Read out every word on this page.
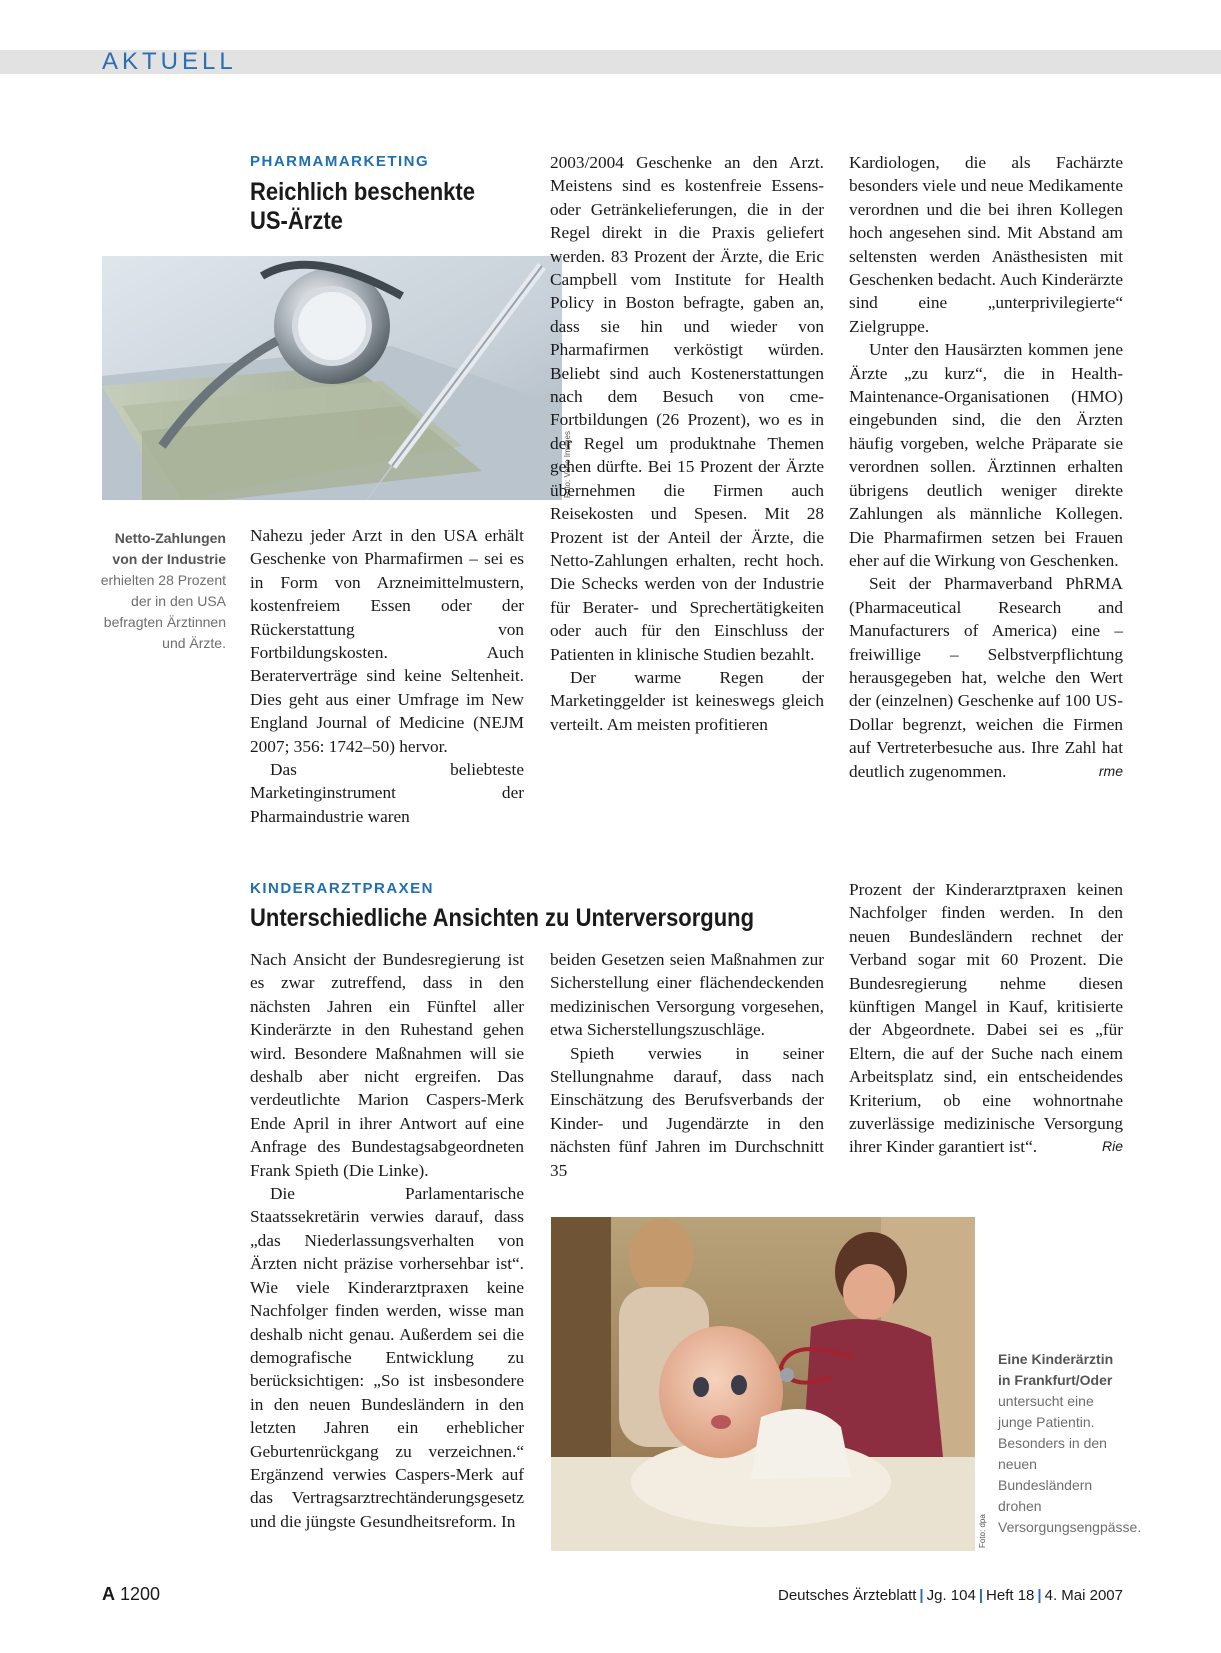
AKTUELL
PHARMAMARKETING
Reichlich beschenkte
US-Ärzte
Foto: Vario Images
Netto-Zahlungen
von der Industrie
erhielten 28 Prozent der in den USA befragten Ärztinnen und Ärzte.

Nahezu jeder Arzt in den USA erhält Geschenke von Pharmafirmen – sei es in Form von Arzneimittelmustern, kostenfreiem Essen oder der Rückerstattung von Fortbildungskosten. Auch Beraterverträge sind keine Seltenheit. Dies geht aus einer Umfrage im New England Journal of Medicine (NEJM 2007; 356: 1742–50) hervor.

Das beliebteste Marketinginstrument der Pharmaindustrie waren

2003/2004 Geschenke an den Arzt. Meistens sind es kostenfreie Essens- oder Getränkelieferungen, die in der Regel direkt in die Praxis geliefert werden. 83 Prozent der Ärzte, die Eric Campbell vom Institute for Health Policy in Boston befragte, gaben an, dass sie hin und wieder von Pharmafirmen verköstigt würden. Beliebt sind auch Kostenerstattungen nach dem Besuch von cme-Fortbildungen (26 Prozent), wo es in der Regel um produktnahe Themen gehen dürfte. Bei 15 Prozent der Ärzte übernehmen die Firmen auch Reisekosten und Spesen. Mit 28 Prozent ist der Anteil der Ärzte, die Netto-Zahlungen erhalten, recht hoch. Die Schecks werden von der Industrie für Berater- und Sprechertätigkeiten oder auch für den Einschluss der Patienten in klinische Studien bezahlt.

Der warme Regen der Marketinggelder ist keineswegs gleich verteilt. Am meisten profitieren

Kardiologen, die als Fachärzte besonders viele und neue Medikamente verordnen und die bei ihren Kollegen hoch angesehen sind. Mit Abstand am seltensten werden Anästhesisten mit Geschenken bedacht. Auch Kinderärzte sind eine „unterprivilegierte“ Zielgruppe.

Unter den Hausärzten kommen jene Ärzte „zu kurz“, die in Health-Maintenance-Organisationen (HMO) eingebunden sind, die den Ärzten häufig vorgeben, welche Präparate sie verordnen sollen. Ärztinnen erhalten übrigens deutlich weniger direkte Zahlungen als männliche Kollegen. Die Pharmafirmen setzen bei Frauen eher auf die Wirkung von Geschenken.

Seit der Pharmaverband PhRMA (Pharmaceutical Research and Manufacturers of America) eine – freiwillige – Selbstverpflichtung herausgegeben hat, welche den Wert der (einzelnen) Geschenke auf 100 US-Dollar begrenzt, weichen die Firmen auf Vertreterbesuche aus. Ihre Zahl hat deutlich zugenommen.	rme

KINDERARZTPRAXEN
Unterschiedliche Ansichten zu Unterversorgung

Nach Ansicht der Bundesregierung ist es zwar zutreffend, dass in den nächsten Jahren ein Fünftel aller Kinderärzte in den Ruhestand gehen wird. Besondere Maßnahmen will sie deshalb aber nicht ergreifen. Das verdeutlichte Marion Caspers-Merk Ende April in ihrer Antwort auf eine Anfrage des Bundestagsabgeordneten Frank Spieth (Die Linke).

Die Parlamentarische Staatssekretärin verwies darauf, dass „das Niederlassungsverhalten von Ärzten nicht präzise vorhersehbar ist“. Wie viele Kinderarztpraxen keine Nachfolger finden werden, wisse man deshalb nicht genau. Außerdem sei die demografische Entwicklung zu berücksichtigen: „So ist insbesondere in den neuen Bundesländern in den letzten Jahren ein erheblicher Geburtenrückgang zu verzeichnen.“ Ergänzend verwies Caspers-Merk auf das Vertragsarztrechtänderungsgesetz und die jüngste Gesundheitsreform. In

beiden Gesetzen seien Maßnahmen zur Sicherstellung einer flächendeckenden medizinischen Versorgung vorgesehen, etwa Sicherstellungszuschläge.

Spieth verwies in seiner Stellungnahme darauf, dass nach Einschätzung des Berufsverbands der Kinder- und Jugendärzte in den nächsten fünf Jahren im Durchschnitt 35

Prozent der Kinderarztpraxen keinen Nachfolger finden werden. In den neuen Bundesländern rechnet der Verband sogar mit 60 Prozent. Die Bundesregierung nehme diesen künftigen Mangel in Kauf, kritisierte der Abgeordnete. Dabei sei es „für Eltern, die auf der Suche nach einem Arbeitsplatz sind, ein entscheidendes Kriterium, ob eine wohnortnahe zuverlässige medizinische Versorgung ihrer Kinder garantiert ist“.	Rie

Foto: dpa
Eine Kinderärztin
in Frankfurt/Oder
untersucht eine junge Patientin. Besonders in den neuen Bundesländern drohen Versorgungsengpässe.
A 1200	Deutsches Ärzteblatt | Jg. 104 | Heft 18 | 4. Mai 2007
